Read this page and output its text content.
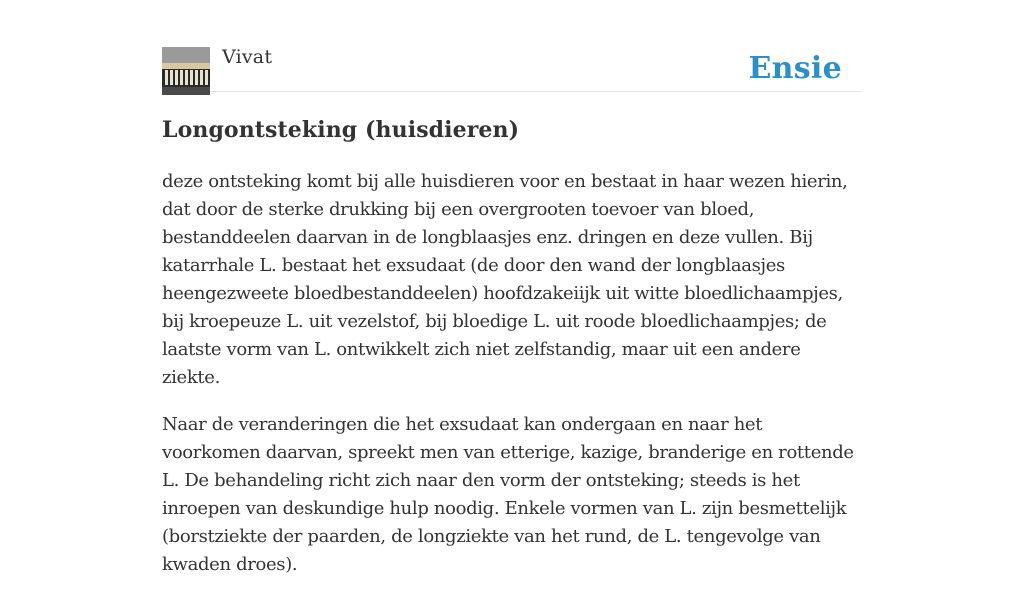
Vivat	Ensie
Longontsteking (huisdieren)

deze ontsteking komt bij alle huisdieren voor en bestaat in haar wezen hierin, dat door de sterke drukking bij een overgrooten toevoer van bloed, bestanddeelen daarvan in de longblaasjes enz. dringen en deze vullen. Bij katarrhale L. bestaat het exsudaat (de door den wand der longblaasjes heengezweete bloedbestanddeelen) hoofdzakeiijk uit witte bloedlichaampjes, bij kroepeuze L. uit vezelstof, bij bloedige L. uit roode bloedlichaampjes; de laatste vorm van L. ontwikkelt zich niet zelfstandig, maar uit een andere ziekte.

Naar de veranderingen die het exsudaat kan ondergaan en naar het voorkomen daarvan, spreekt men van etterige, kazige, branderige en rottende L. De behandeling richt zich naar den vorm der ontsteking; steeds is het inroepen van deskundige hulp noodig. Enkele vormen van L. zijn besmettelijk (borstziekte der paarden, de longziekte van het rund, de L. tengevolge van kwaden droes).
